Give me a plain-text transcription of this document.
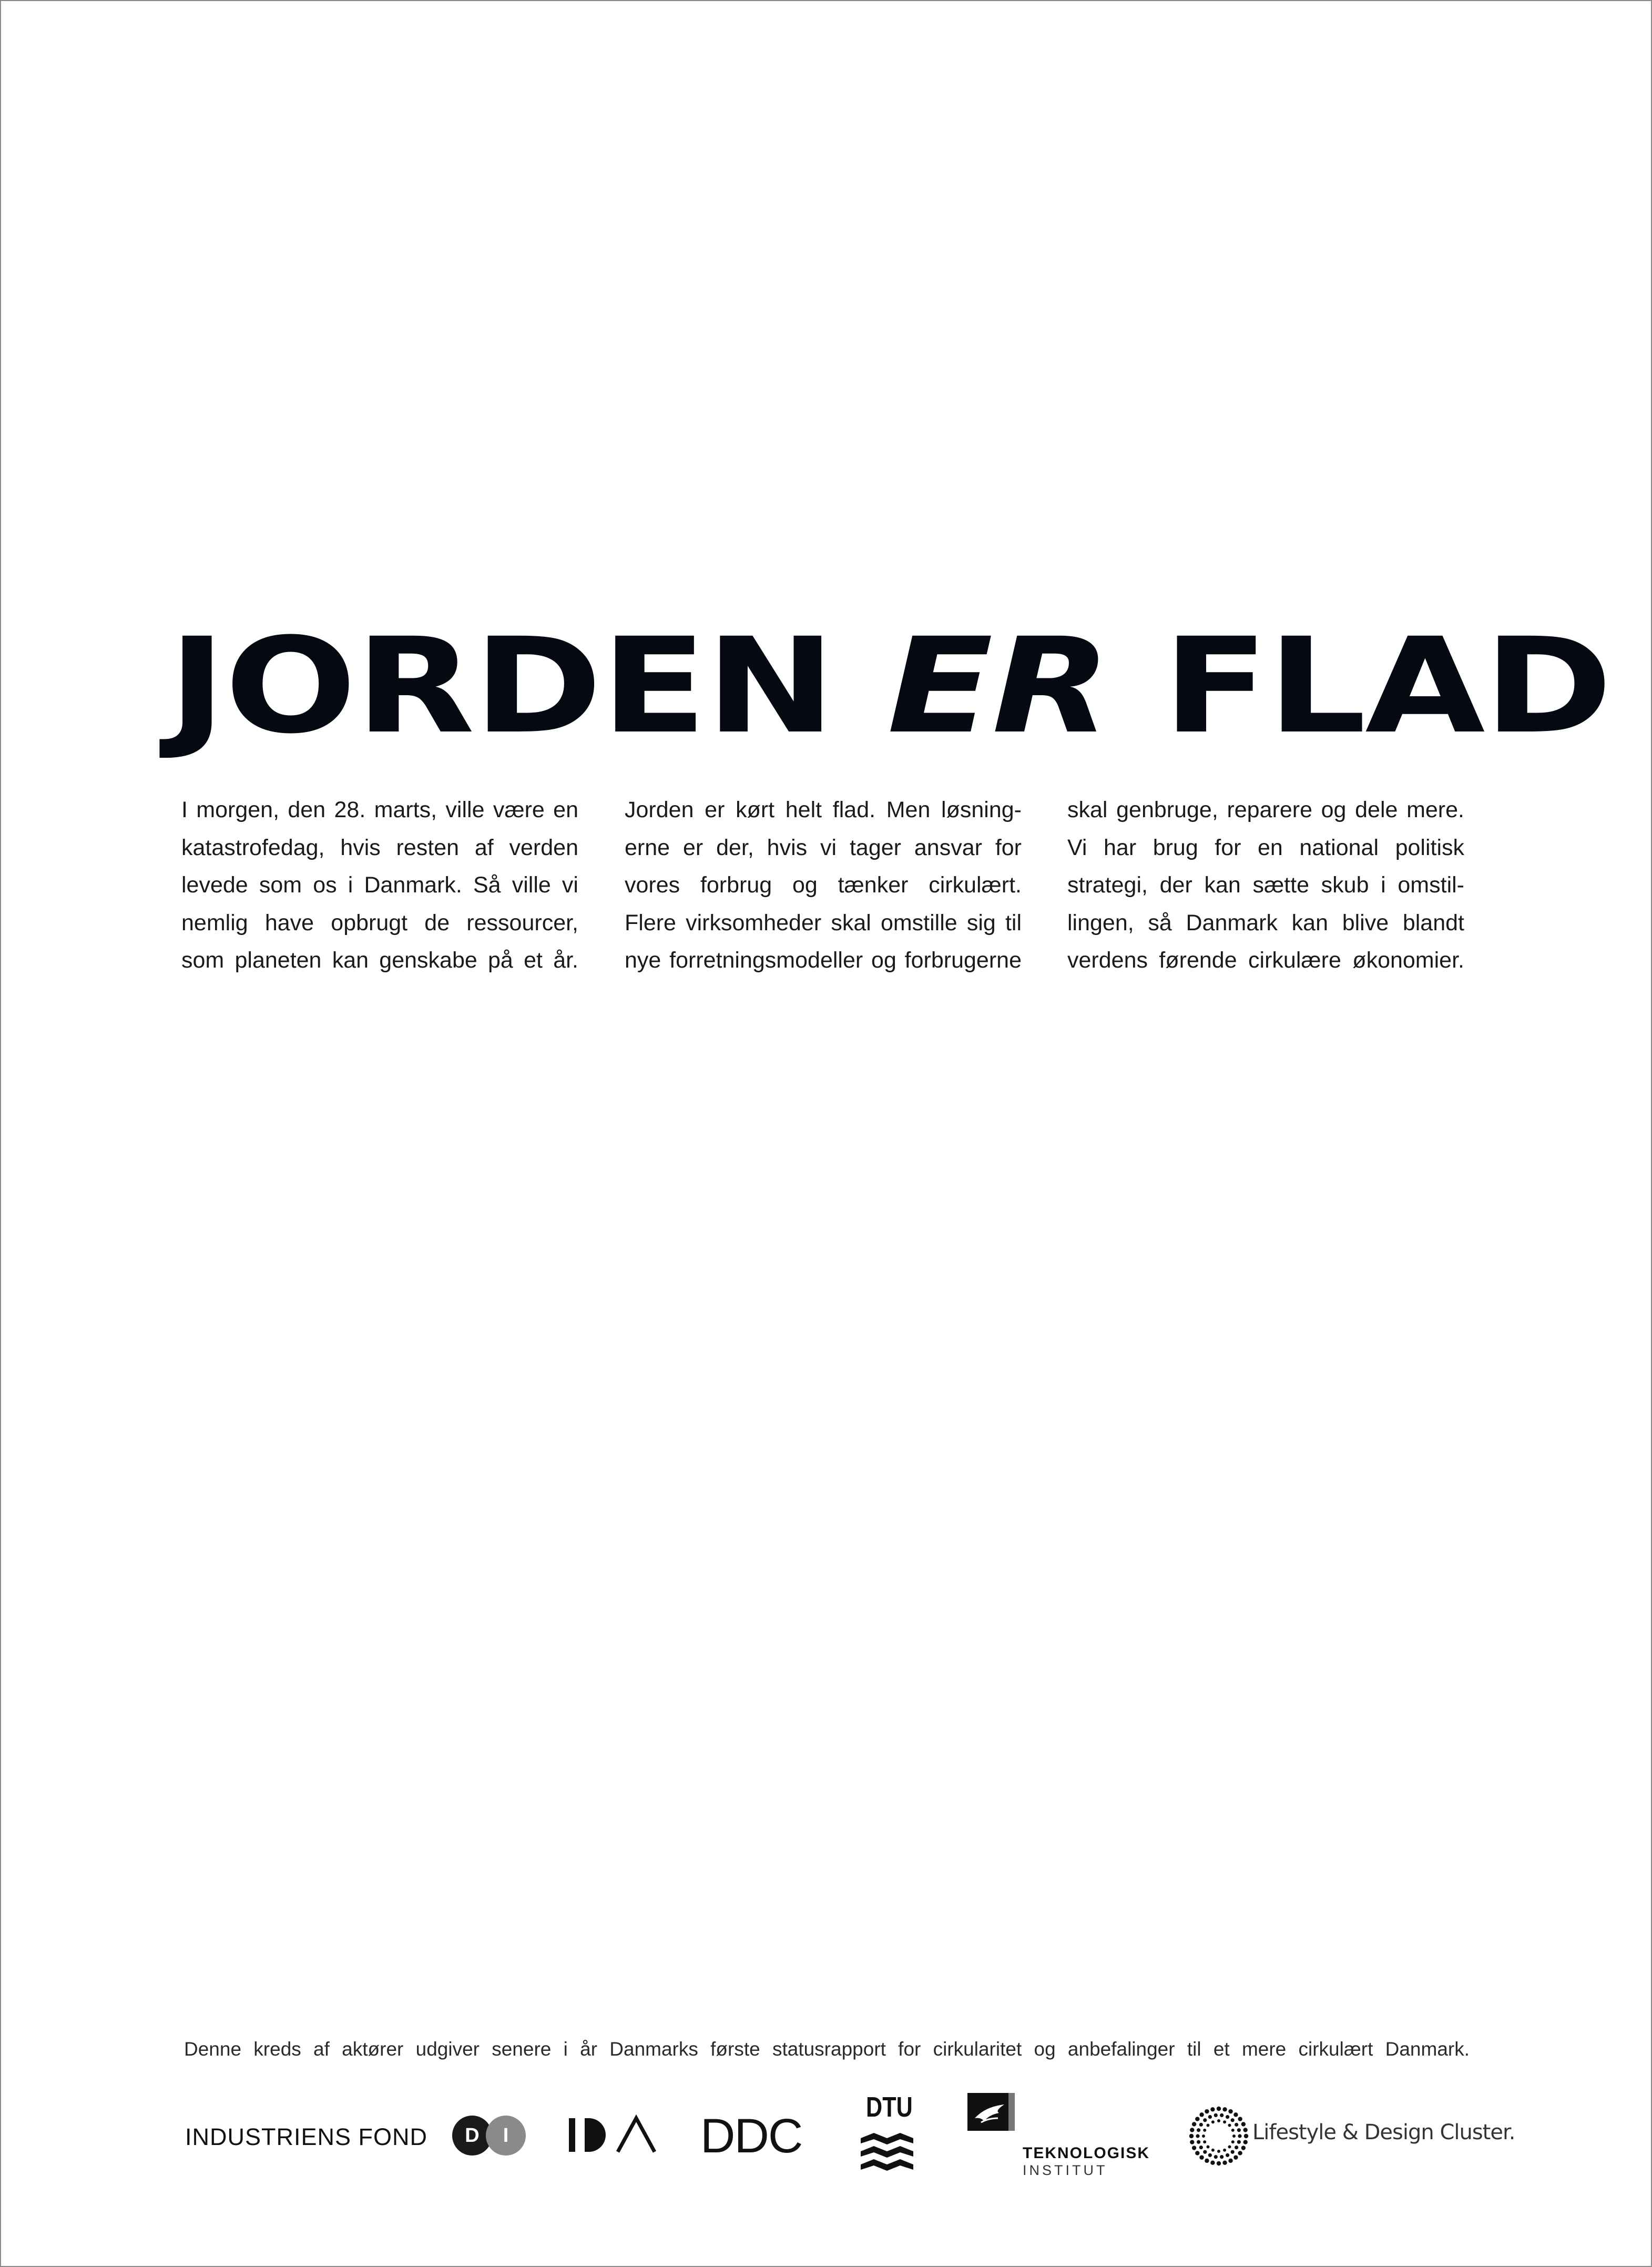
JORDEN ER FLAD

I morgen, den 28. marts, ville være en
katastrofedag, hvis resten af verden
levede som os i Danmark. Så ville vi
nemlig have opbrugt de ressourcer,
som planeten kan genskabe på et år.

Jorden er kørt helt flad. Men løsning-
erne er der, hvis vi tager ansvar for
vores forbrug og tænker cirkulært.
Flere virksomheder skal omstille sig til
nye forretningsmodeller og forbrugerne

skal genbruge, reparere og dele mere.
Vi har brug for en national politisk
strategi, der kan sætte skub i omstil-
lingen, så Danmark kan blive blandt
verdens førende cirkulære økonomier.

Denne kreds af aktører udgiver senere i år Danmarks første statusrapport for cirkularitet og anbefalinger til et mere cirkulært Danmark.

INDUSTRIENS FOND	D	I	DDC
DTU
TEKNOLOGISK
INSTITUT
Lifestyle & Design Cluster.
